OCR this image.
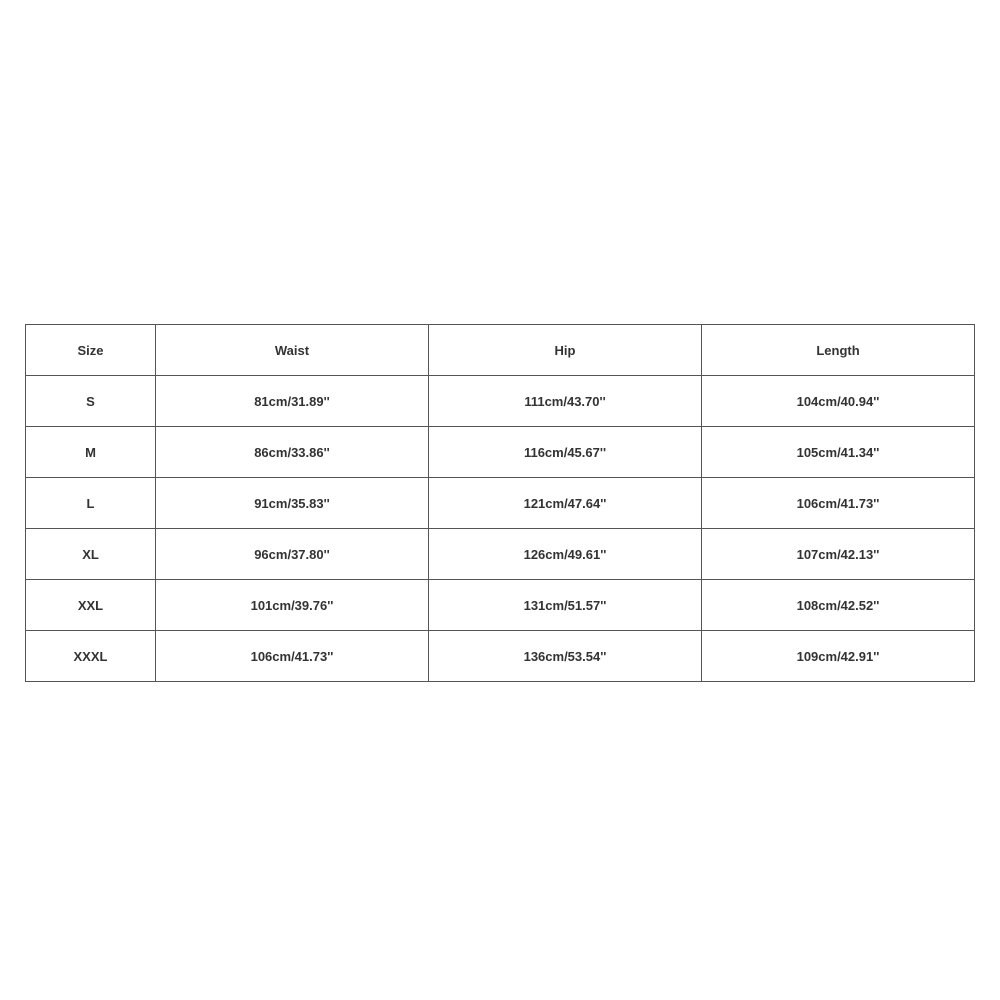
Size	Waist	Hip	Length
S	81cm/31.89''	111cm/43.70''	104cm/40.94''
M	86cm/33.86''	116cm/45.67''	105cm/41.34''
L	91cm/35.83''	121cm/47.64''	106cm/41.73''
XL	96cm/37.80''	126cm/49.61''	107cm/42.13''
XXL	101cm/39.76''	131cm/51.57''	108cm/42.52''
XXXL	106cm/41.73''	136cm/53.54''	109cm/42.91''
